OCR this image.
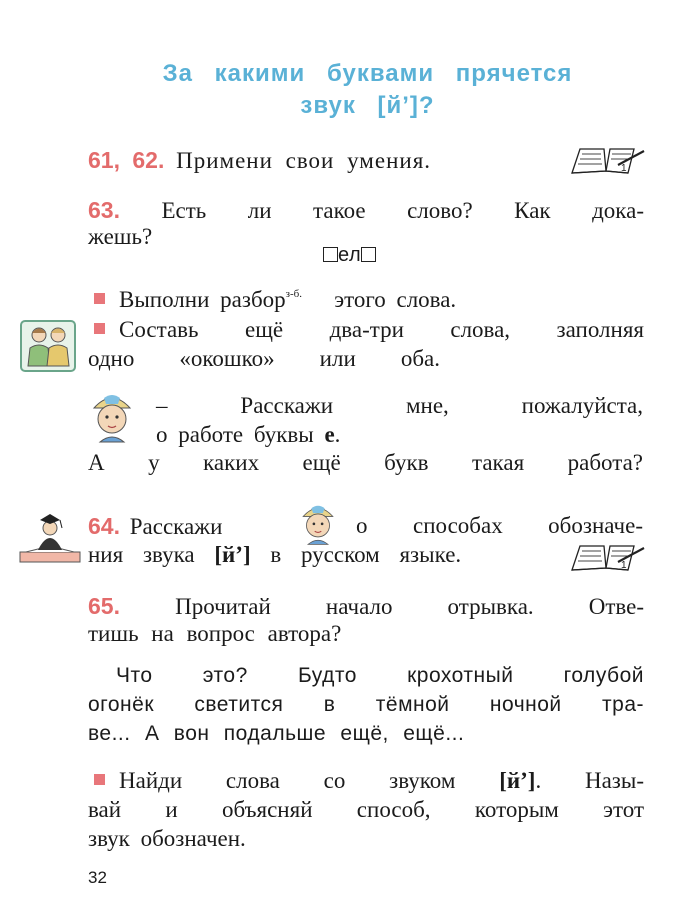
За какими буквами прячется
звук [й’]?
61, 62. Примени свои умения.	1
63. Есть ли такое слово? Как дока-
жешь?
ел
Выполни разбор$^{з-б.}$ этого слова.
Составь ещё два-три слова, заполняя
одно «окошко» или оба.
– Расскажи мне, пожалуйста,
о работе буквы е.
А у каких ещё букв такая работа?
64. Расскажи	о способах обозначе-
ния звука [й’] в русском языке.	1
65. Прочитай начало отрывка. Отве-
тишь на вопрос автора?
Что это? Будто крохотный голубой
огонёк светится в тёмной ночной тра-
ве... А вон подальше ещё, ещё...
Найди слова со звуком [й’]. Назы-
вай и объясняй способ, которым этот
звук обозначен.
32
